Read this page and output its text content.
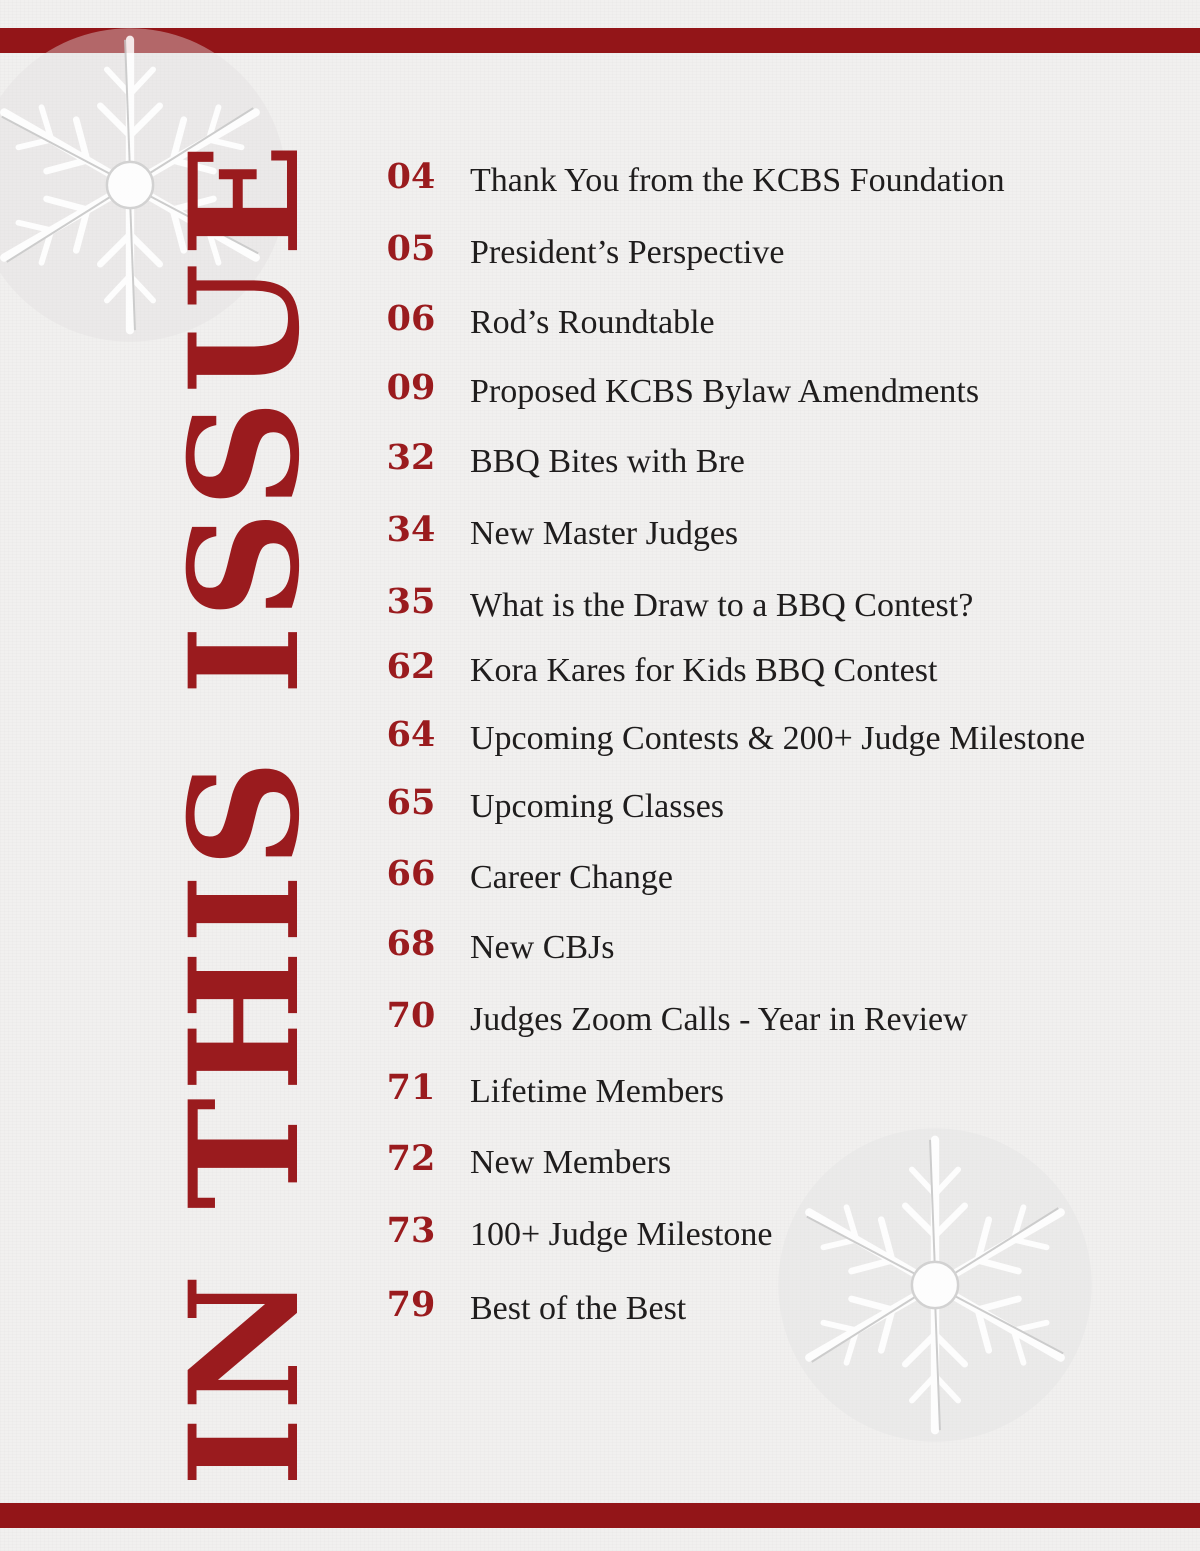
IN THIS ISSUE 04 Thank You from the KCBS Foundation
05 President’s Perspective
06 Rod’s Roundtable
09 Proposed KCBS Bylaw Amendments
32 BBQ Bites with Bre
34 New Master Judges
35 What is the Draw to a BBQ Contest?
62 Kora Kares for Kids BBQ Contest
64 Upcoming Contests & 200+ Judge Milestone
65 Upcoming Classes
66 Career Change
68 New CBJs
70 Judges Zoom Calls - Year in Review
71 Lifetime Members
72 New Members
73 100+ Judge Milestone
79 Best of the Best
